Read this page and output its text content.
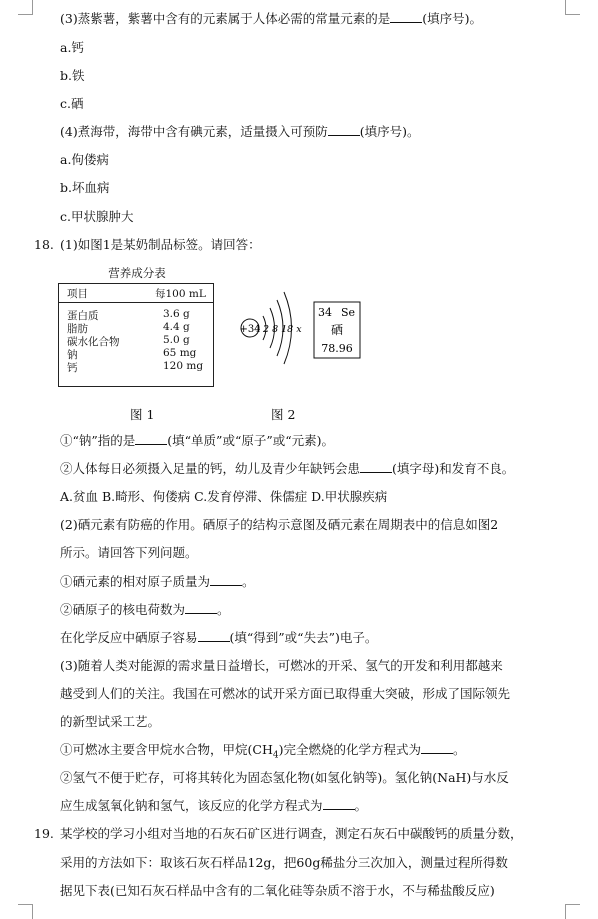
(3)蒸紫薯，紫薯中含有的元素属于人体必需的常量元素的是	(填序号)。
a.钙
b.铁
c.硒
(4)煮海带，海带中含有碘元素，适量摄入可预防	(填序号)。
a.佝偻病
b.坏血病
c.甲状腺肿大
18. (1)如图1是某奶制品标签。请回答：
营养成分表
项目	每100 mL
蛋白质	3.6 g
脂肪	4.4 g
碳水化合物	5.0 g
钠	65 mg
钙	120 mg
+34 2 8 18 x
34 Se
硒
78.96
图 1	图 2
①“钠”指的是	(填“单质”或“原子”或“元素)。
②人体每日必须摄入足量的钙，幼儿及青少年缺钙会患	(填字母)和发育不良。
A.贫血 B.畸形、佝偻病 C.发育停滞、侏儒症 D.甲状腺疾病
(2)硒元素有防癌的作用。硒原子的结构示意图及硒元素在周期表中的信息如图2
所示。请回答下列问题。
①硒元素的相对原子质量为	。
②硒原子的核电荷数为	。
在化学反应中硒原子容易	(填“得到”或“失去”)电子。
(3)随着人类对能源的需求量日益增长，可燃冰的开采、氢气的开发和利用都越来
越受到人们的关注。我国在可燃冰的试开采方面已取得重大突破，形成了国际领先
的新型试采工艺。
①可燃冰主要含甲烷水合物，甲烷$(CH_4)$完全燃烧的化学方程式为	。
②氢气不便于贮存，可将其转化为固态氢化物(如氢化钠等)。氢化钠(NaH)与水反
应生成氢氧化钠和氢气，该反应的化学方程式为	。
19. 某学校的学习小组对当地的石灰石矿区进行调查，测定石灰石中碳酸钙的质量分数，
采用的方法如下：取该石灰石样品12g，把60g稀盐分三次加入，测量过程所得数
据见下表(已知石灰石样品中含有的二氧化硅等杂质不溶于水，不与稀盐酸反应)
